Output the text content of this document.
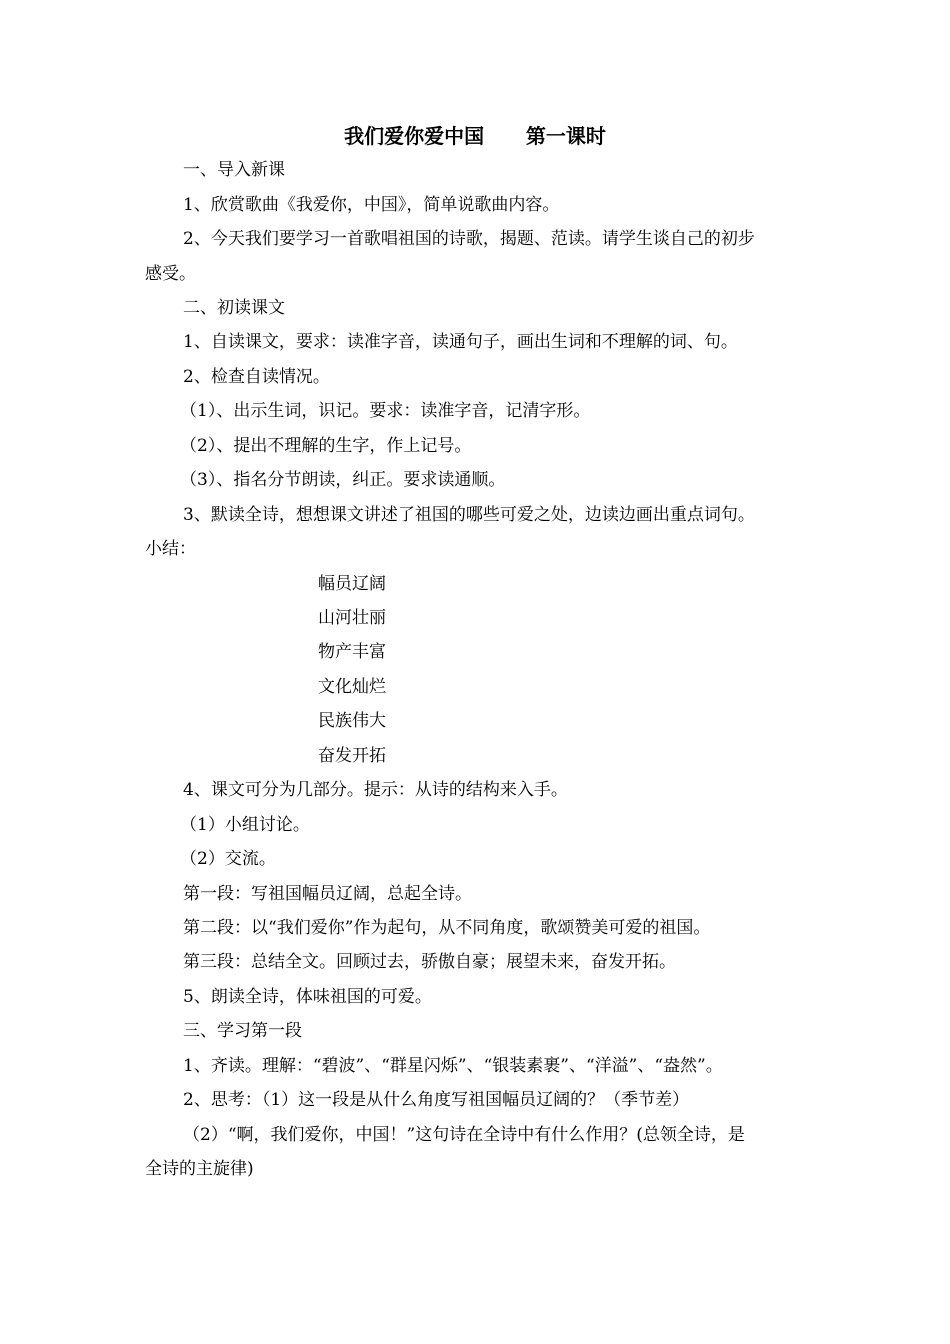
我们爱你爱中国      第一课时
一、导入新课
1、欣赏歌曲《我爱你，中国》，简单说歌曲内容。
2、今天我们要学习一首歌唱祖国的诗歌，揭题、范读。请学生谈自己的初步
感受。
二、初读课文
1、自读课文，要求：读准字音，读通句子，画出生词和不理解的词、句。
2、检查自读情况。
（1）、出示生词，识记。要求：读准字音，记清字形。
（2）、提出不理解的生字，作上记号。
（3）、指名分节朗读，纠正。要求读通顺。
3、默读全诗，想想课文讲述了祖国的哪些可爱之处，边读边画出重点词句。
小结：
幅员辽阔
山河壮丽
物产丰富
文化灿烂
民族伟大
奋发开拓
4、课文可分为几部分。提示：从诗的结构来入手。
（1）小组讨论。
（2）交流。
第一段：写祖国幅员辽阔，总起全诗。
第二段：以“我们爱你”作为起句，从不同角度，歌颂赞美可爱的祖国。
第三段：总结全文。回顾过去，骄傲自豪；展望未来，奋发开拓。
5、朗读全诗，体味祖国的可爱。
三、学习第一段
1、齐读。理解：“碧波”、“群星闪烁”、“银装素裹”、“洋溢”、“盎然”。
2、思考：（1）这一段是从什么角度写祖国幅员辽阔的？（季节差）
（2）“啊，我们爱你，中国！”这句诗在全诗中有什么作用？(总领全诗，是
全诗的主旋律)
